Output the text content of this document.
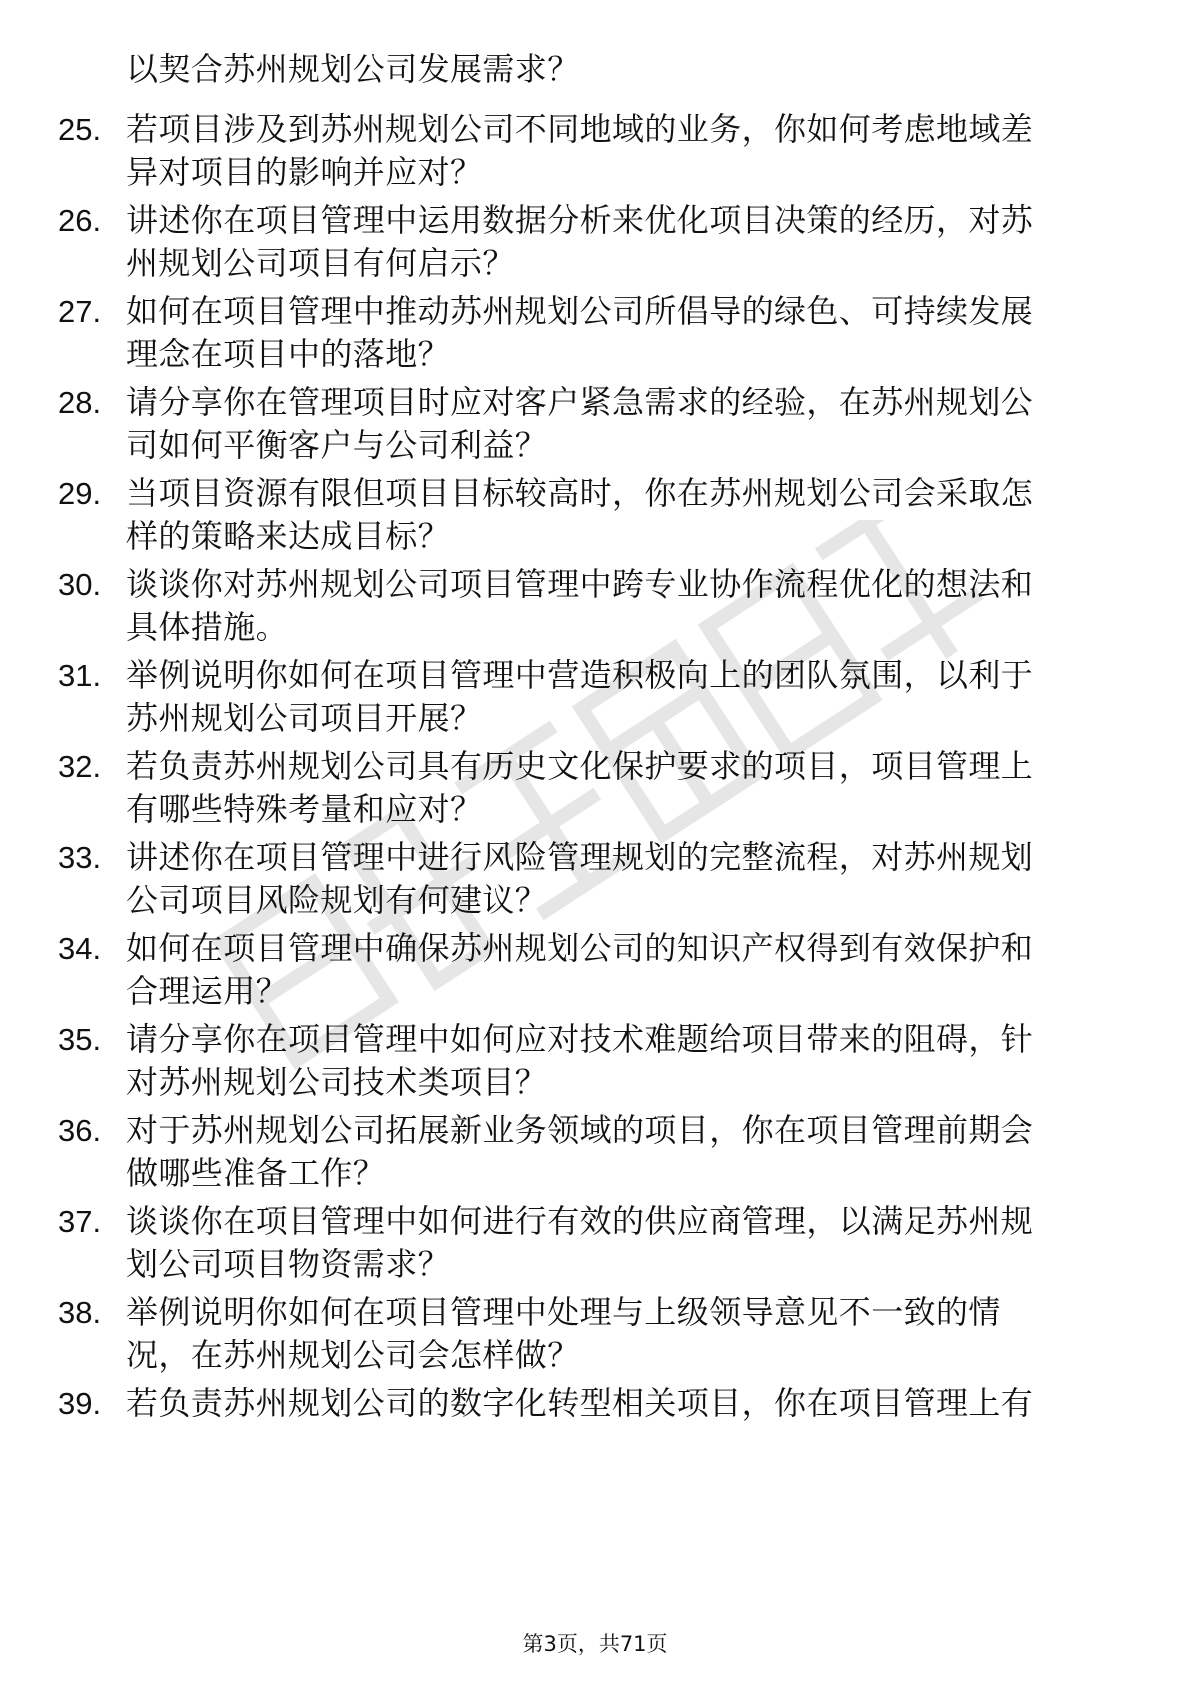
以契合苏州规划公司发展需求？
25. 若项目涉及到苏州规划公司不同地域的业务，你如何考虑地域差
异对项目的影响并应对？
26. 讲述你在项目管理中运用数据分析来优化项目决策的经历，对苏
州规划公司项目有何启示？
27. 如何在项目管理中推动苏州规划公司所倡导的绿色、可持续发展
理念在项目中的落地？
28. 请分享你在管理项目时应对客户紧急需求的经验，在苏州规划公
司如何平衡客户与公司利益？
29. 当项目资源有限但项目目标较高时，你在苏州规划公司会采取怎
样的策略来达成目标？
30. 谈谈你对苏州规划公司项目管理中跨专业协作流程优化的想法和
具体措施。
31. 举例说明你如何在项目管理中营造积极向上的团队氛围，以利于
苏州规划公司项目开展？
32. 若负责苏州规划公司具有历史文化保护要求的项目，项目管理上
有哪些特殊考量和应对？
33. 讲述你在项目管理中进行风险管理规划的完整流程，对苏州规划
公司项目风险规划有何建议？
34. 如何在项目管理中确保苏州规划公司的知识产权得到有效保护和
合理运用？
35. 请分享你在项目管理中如何应对技术难题给项目带来的阻碍，针
对苏州规划公司技术类项目？
36. 对于苏州规划公司拓展新业务领域的项目，你在项目管理前期会
做哪些准备工作？
37. 谈谈你在项目管理中如何进行有效的供应商管理，以满足苏州规
划公司项目物资需求？
38. 举例说明你如何在项目管理中处理与上级领导意见不一致的情
况，在苏州规划公司会怎样做？
39. 若负责苏州规划公司的数字化转型相关项目，你在项目管理上有
第3页，共71页
